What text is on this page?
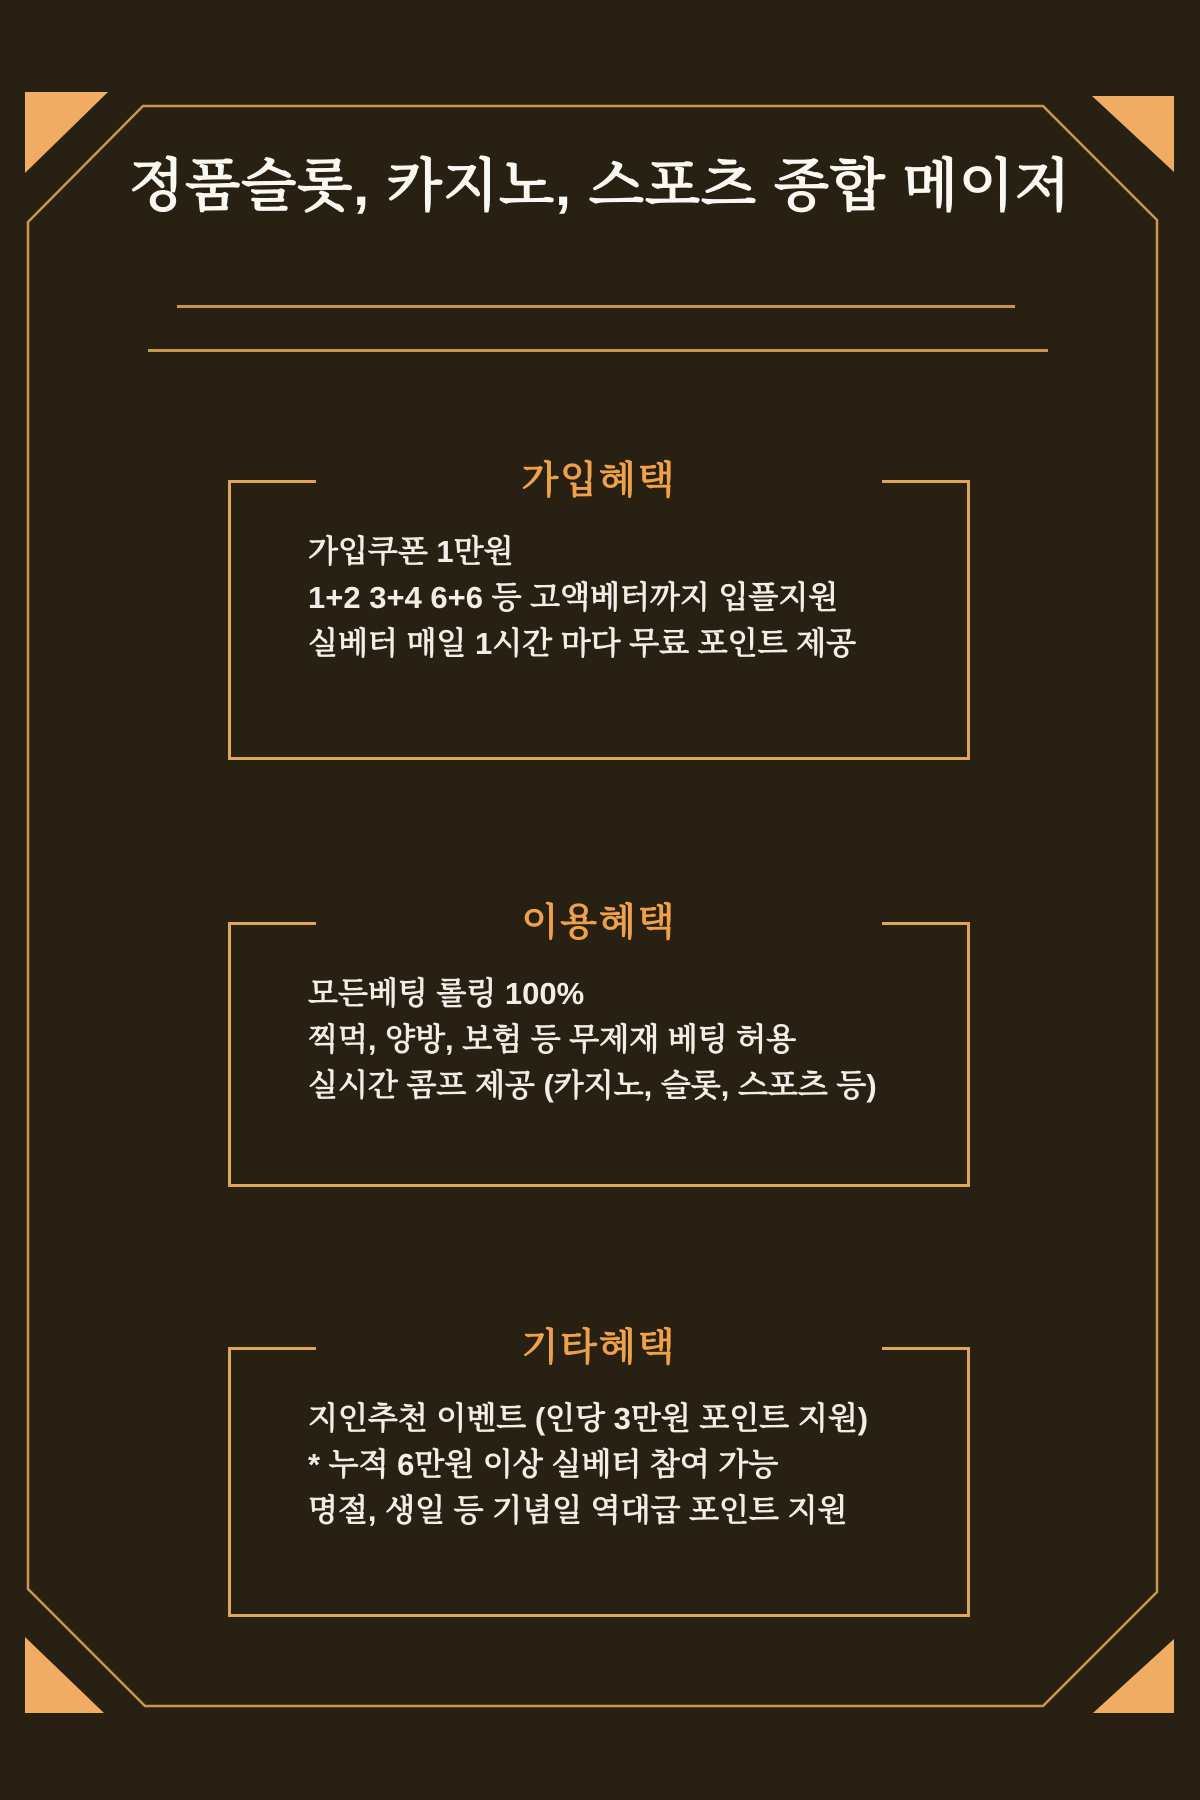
정품슬롯, 카지노, 스포츠 종합 메이저
가입혜택
가입쿠폰 1만원
1+2 3+4 6+6 등 고액베터까지 입플지원
실베터 매일 1시간 마다 무료 포인트 제공
이용혜택
모든베팅 롤링 100%
찍먹, 양방, 보험 등 무제재 베팅 허용
실시간 콤프 제공 (카지노, 슬롯, 스포츠 등)
기타혜택
지인추천 이벤트 (인당 3만원 포인트 지원)
* 누적 6만원 이상 실베터 참여 가능
명절, 생일 등 기념일 역대급 포인트 지원
